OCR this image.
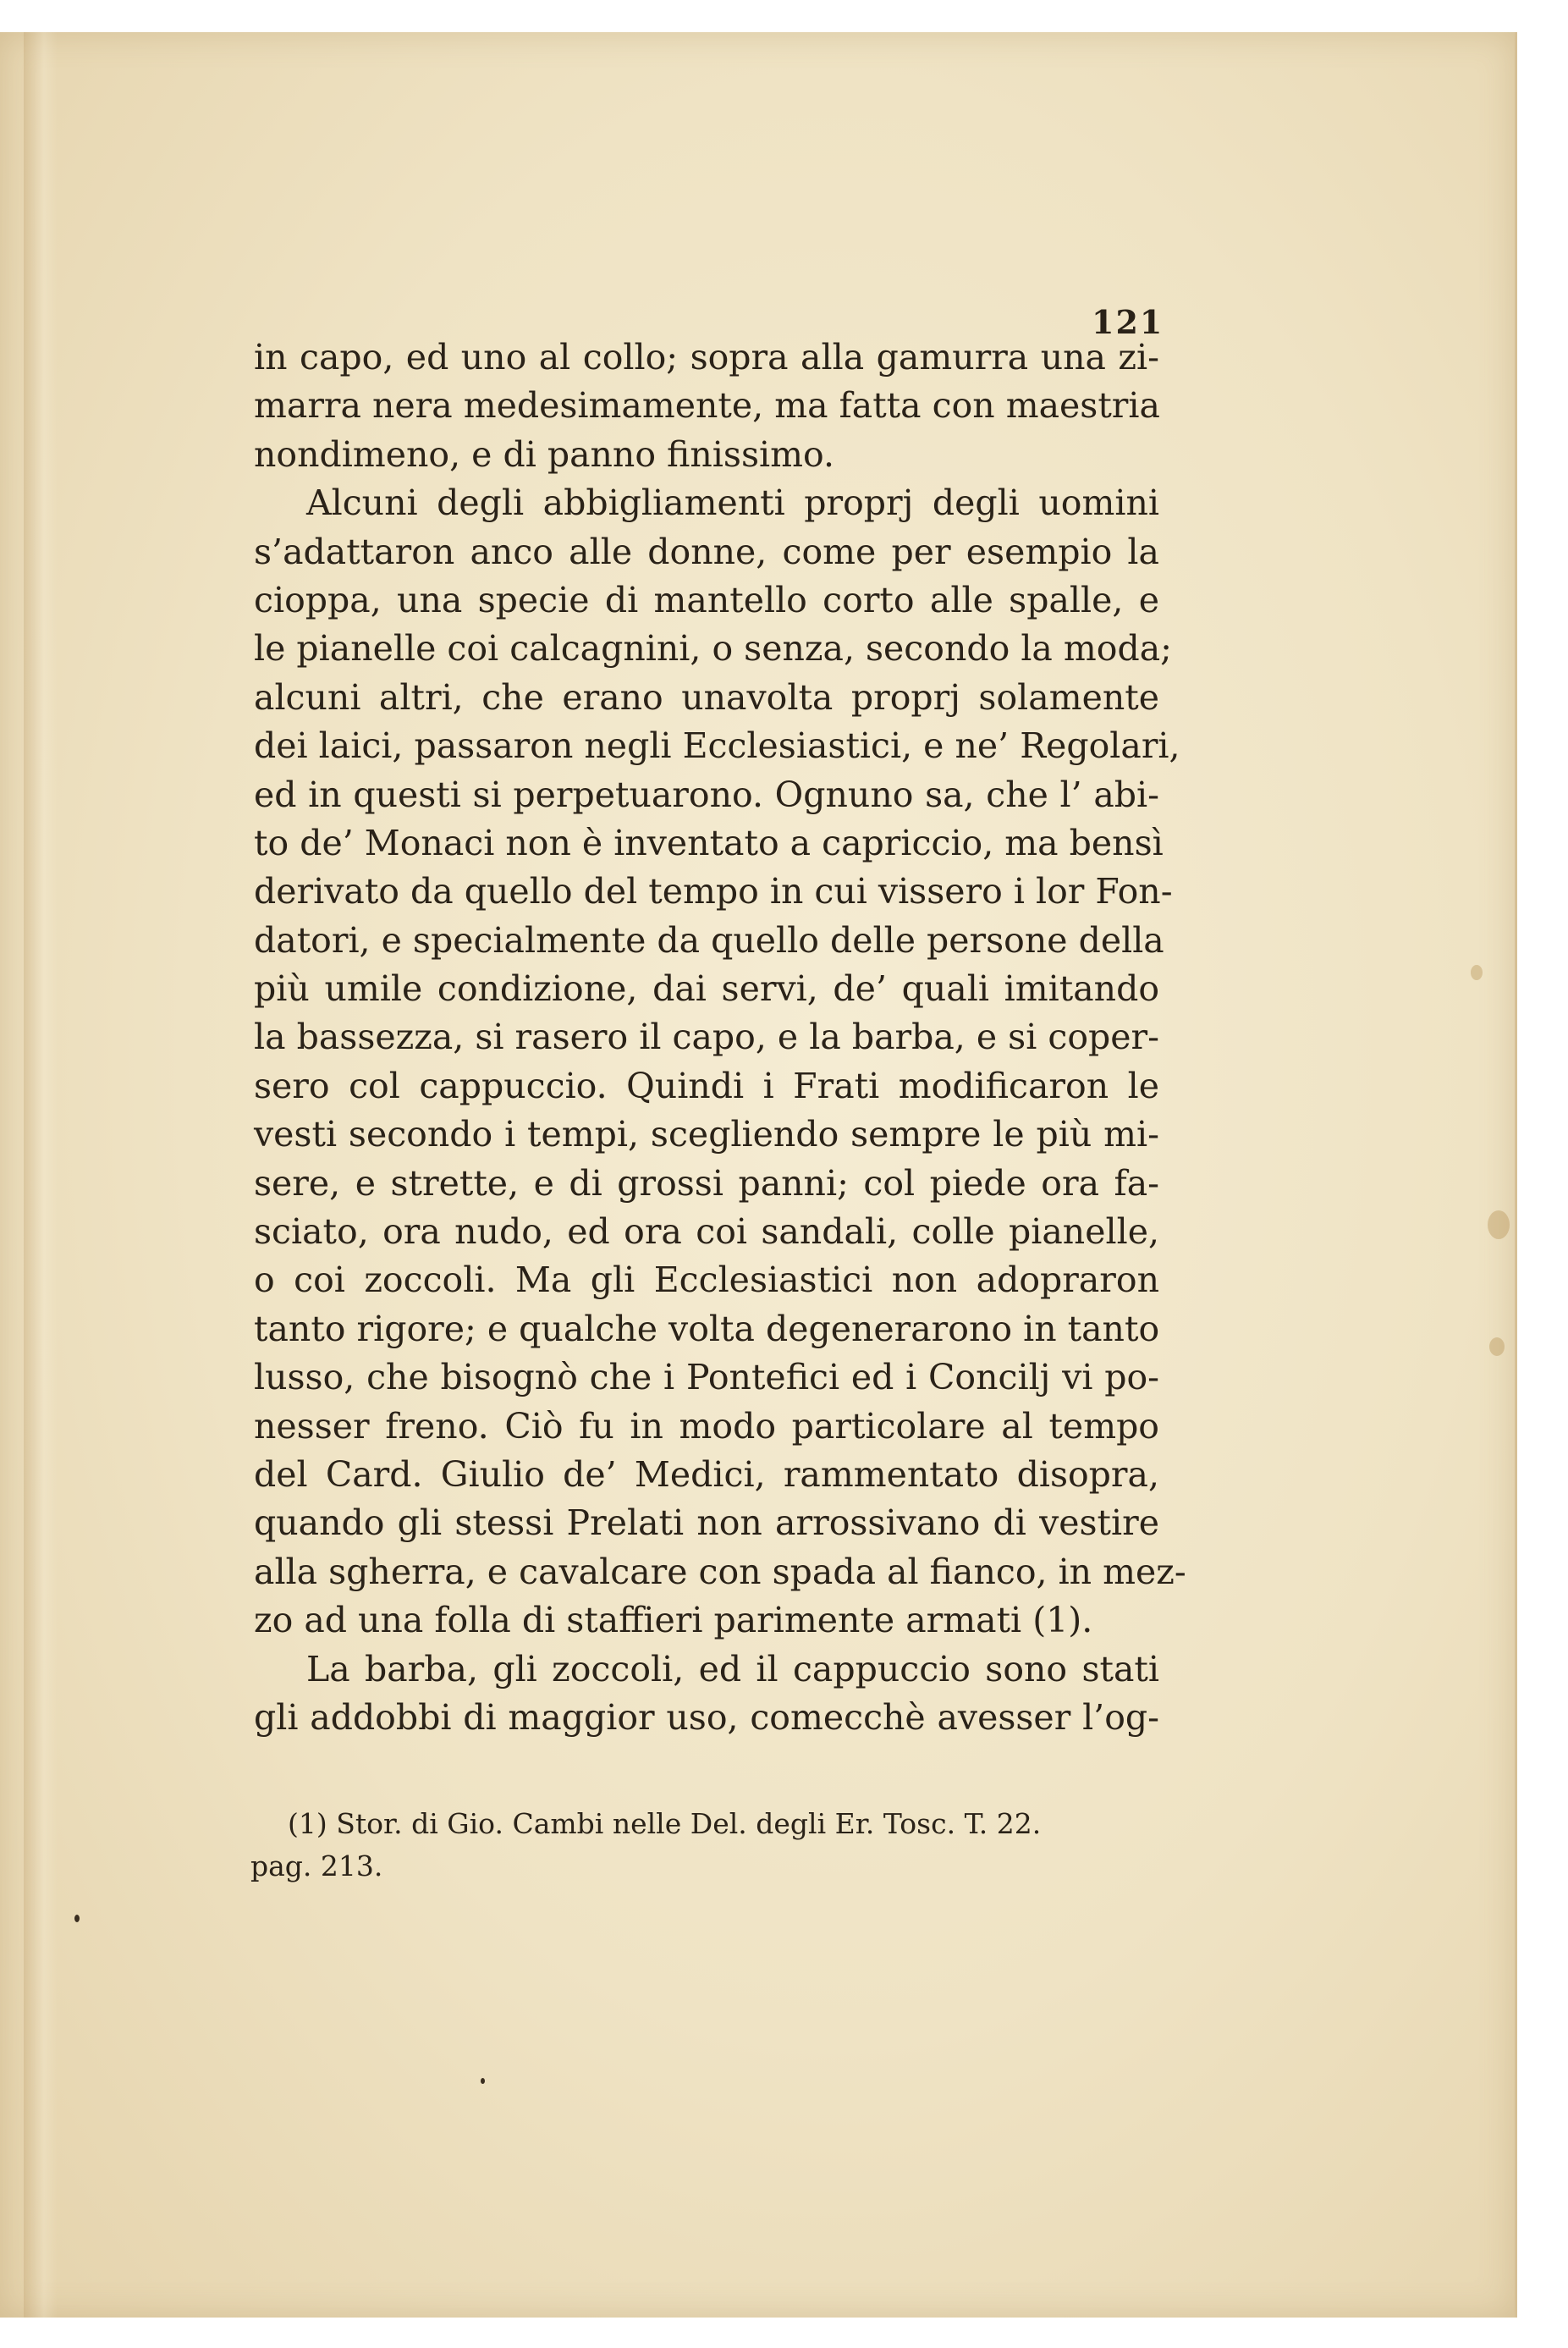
121
in capo, ed uno al collo; sopra alla gamurra una zi-
marra nera medesimamente, ma fatta con maestria
nondimeno, e di panno finissimo.
Alcuni degli abbigliamenti proprj degli uomini
s’adattaron anco alle donne, come per esempio la
cioppa, una specie di mantello corto alle spalle, e
le pianelle coi calcagnini, o senza, secondo la moda;
alcuni altri, che erano unavolta proprj solamente
dei laici, passaron negli Ecclesiastici, e ne’ Regolari,
ed in questi si perpetuarono. Ognuno sa, che l’ abi-
to de’ Monaci non è inventato a capriccio, ma bensì
derivato da quello del tempo in cui vissero i lor Fon-
datori, e specialmente da quello delle persone della
più umile condizione, dai servi, de’ quali imitando
la bassezza, si rasero il capo, e la barba, e si coper-
sero col cappuccio. Quindi i Frati modificaron le
vesti secondo i tempi, scegliendo sempre le più mi-
sere, e strette, e di grossi panni; col piede ora fa-
sciato, ora nudo, ed ora coi sandali, colle pianelle,
o coi zoccoli. Ma gli Ecclesiastici non adopraron
tanto rigore; e qualche volta degenerarono in tanto
lusso, che bisognò che i Pontefici ed i Concilj vi po-
nesser freno. Ciò fu in modo particolare al tempo
del Card. Giulio de’ Medici, rammentato disopra,
quando gli stessi Prelati non arrossivano di vestire
alla sgherra, e cavalcare con spada al fianco, in mez-
zo ad una folla di staffieri parimente armati (1).
La barba, gli zoccoli, ed il cappuccio sono stati
gli addobbi di maggior uso, comecchè avesser l’og-
(1) Stor. di Gio. Cambi nelle Del. degli Er. Tosc. T. 22.
pag. 213.
